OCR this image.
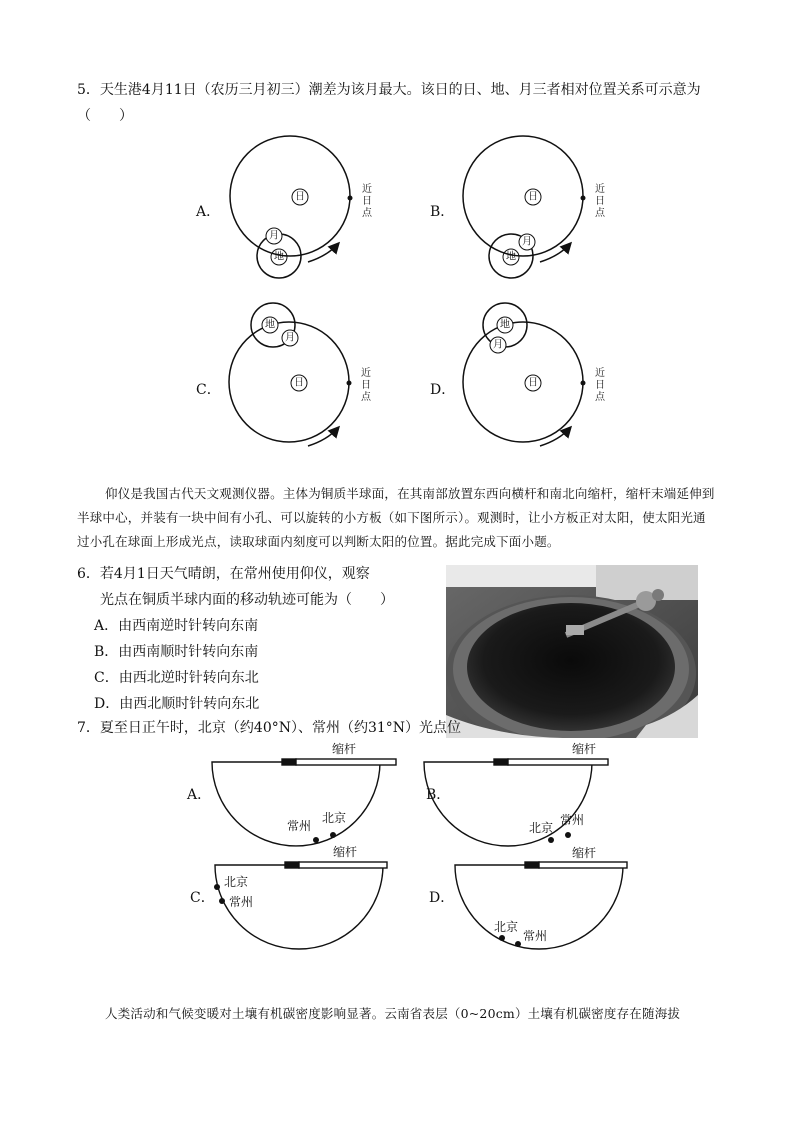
5．天生港4月11日（农历三月初三）潮差为该月最大。该日的日、地、月三者相对位置关系可示意为
（　　）
日
月
地
日
月
地
日
地
月
日
地
月
近
日
点
近
日
点
近
日
点
近
日
点
A．	B．
C．	D．
仰仪是我国古代天文观测仪器。主体为铜质半球面，在其南部放置东西向横杆和南北向缩杆，缩杆末端延伸到半球中心，并装有一块中间有小孔、可以旋转的小方板（如下图所示）。观测时，让小方板正对太阳，使太阳光通过小孔在球面上形成光点，读取球面内刻度可以判断太阳的位置。据此完成下面小题。
6．若4月1日天气晴朗，在常州使用仰仪，观察
光点在铜质半球内面的移动轨迹可能为（　　）
A．由西南逆时针转向东南
B．由西南顺时针转向东南
C．由西北逆时针转向东北
D．由西北顺时针转向东北
7．夏至日正午时，北京（约40°N）、常州（约31°N）光点位
缩杆	缩杆
缩杆	缩杆
常州
北京
北京
常州
北京
常州
北京
常州
A．	B．
C．	D．
人类活动和气候变暖对土壤有机碳密度影响显著。云南省表层（0~20cm）土壤有机碳密度存在随海拔
